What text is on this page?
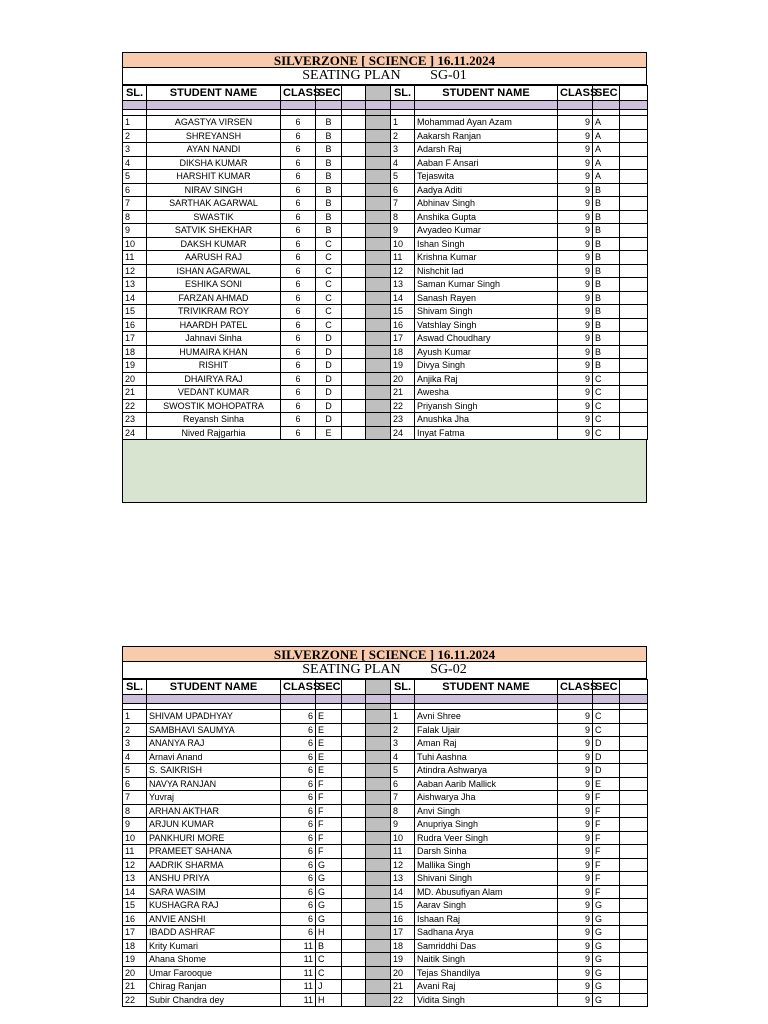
SILVERZONE [ SCIENCE ] 16.11.2024
SEATING PLAN SG-01
SL.	STUDENT NAME	CLASS	SEC			SL.	STUDENT NAME	CLASS	SEC	

1	AGASTYA VIRSEN	6	B			1	Mohammad Ayan Azam	9	A	
2	SHREYANSH	6	B			2	Aakarsh Ranjan	9	A	
3	AYAN NANDI	6	B			3	Adarsh Raj	9	A	
4	DIKSHA KUMAR	6	B			4	Aaban F Ansari	9	A	
5	HARSHIT KUMAR	6	B			5	Tejaswita	9	A	
6	NIRAV SINGH	6	B			6	Aadya Aditi	9	B	
7	SARTHAK AGARWAL	6	B			7	Abhinav Singh	9	B	
8	SWASTIK	6	B			8	Anshika Gupta	9	B	
9	SATVIK SHEKHAR	6	B			9	Avyadeo Kumar	9	B	
10	DAKSH KUMAR	6	C			10	Ishan Singh	9	B	
11	AARUSH RAJ	6	C			11	Krishna Kumar	9	B	
12	ISHAN AGARWAL	6	C			12	Nishchit lad	9	B	
13	ESHIKA SONI	6	C			13	Saman Kumar Singh	9	B	
14	FARZAN AHMAD	6	C			14	Sanash Rayen	9	B	
15	TRIVIKRAM ROY	6	C			15	Shivam Singh	9	B	
16	HAARDH PATEL	6	C			16	Vatshlay Singh	9	B	
17	Jahnavi Sinha	6	D			17	Aswad Choudhary	9	B	
18	HUMAIRA KHAN	6	D			18	Ayush Kumar	9	B	
19	RISHIT	6	D			19	Divya Singh	9	B	
20	DHAIRYA RAJ	6	D			20	Anjika Raj	9	C	
21	VEDANT KUMAR	6	D			21	Awesha	9	C	
22	SWOSTIK MOHOPATRA	6	D			22	Priyansh Singh	9	C	
23	Reyansh Sinha	6	D			23	Anushka Jha	9	C	
24	Nived Rajgarhia	6	E			24	Inyat Fatma	9	C	
SILVERZONE [ SCIENCE ] 16.11.2024
SEATING PLAN SG-02
SL.	STUDENT NAME	CLASS	SEC			SL.	STUDENT NAME	CLASS	SEC	

1	SHIVAM UPADHYAY	6	E			1	Avni Shree	9	C	
2	SAMBHAVI SAUMYA	6	E			2	Falak Ujair	9	C	
3	ANANYA RAJ	6	E			3	Aman Raj	9	D	
4	Arnavi Anand	6	E			4	Tuhi Aashna	9	D	
5	S. SAIKRISH	6	E			5	Atindra Ashwarya	9	D	
6	NAVYA RANJAN	6	F			6	Aaban Aarib Mallick	9	E	
7	Yuvraj	6	F			7	Aishwarya Jha	9	F	
8	ARHAN AKTHAR	6	F			8	Anvi Singh	9	F	
9	ARJUN KUMAR	6	F			9	Anupriya Singh	9	F	
10	PANKHURI MORE	6	F			10	Rudra Veer Singh	9	F	
11	PRAMEET SAHANA	6	F			11	Darsh Sinha	9	F	
12	AADRIK SHARMA	6	G			12	Mallika Singh	9	F	
13	ANSHU PRIYA	6	G			13	Shivani Singh	9	F	
14	SARA WASIM	6	G			14	MD. Abusufiyan Alam	9	F	
15	KUSHAGRA RAJ	6	G			15	Aarav Singh	9	G	
16	ANVIE ANSHI	6	G			16	Ishaan Raj	9	G	
17	IBADD ASHRAF	6	H			17	Sadhana Arya	9	G	
18	Krity Kumari	11	B			18	Samriddhi Das	9	G	
19	Ahana Shome	11	C			19	Naitik Singh	9	G	
20	Umar Farooque	11	C			20	Tejas Shandilya	9	G	
21	Chirag Ranjan	11	J			21	Avani Raj	9	G	
22	Subir Chandra dey	11	H			22	Vidita Singh	9	G	
